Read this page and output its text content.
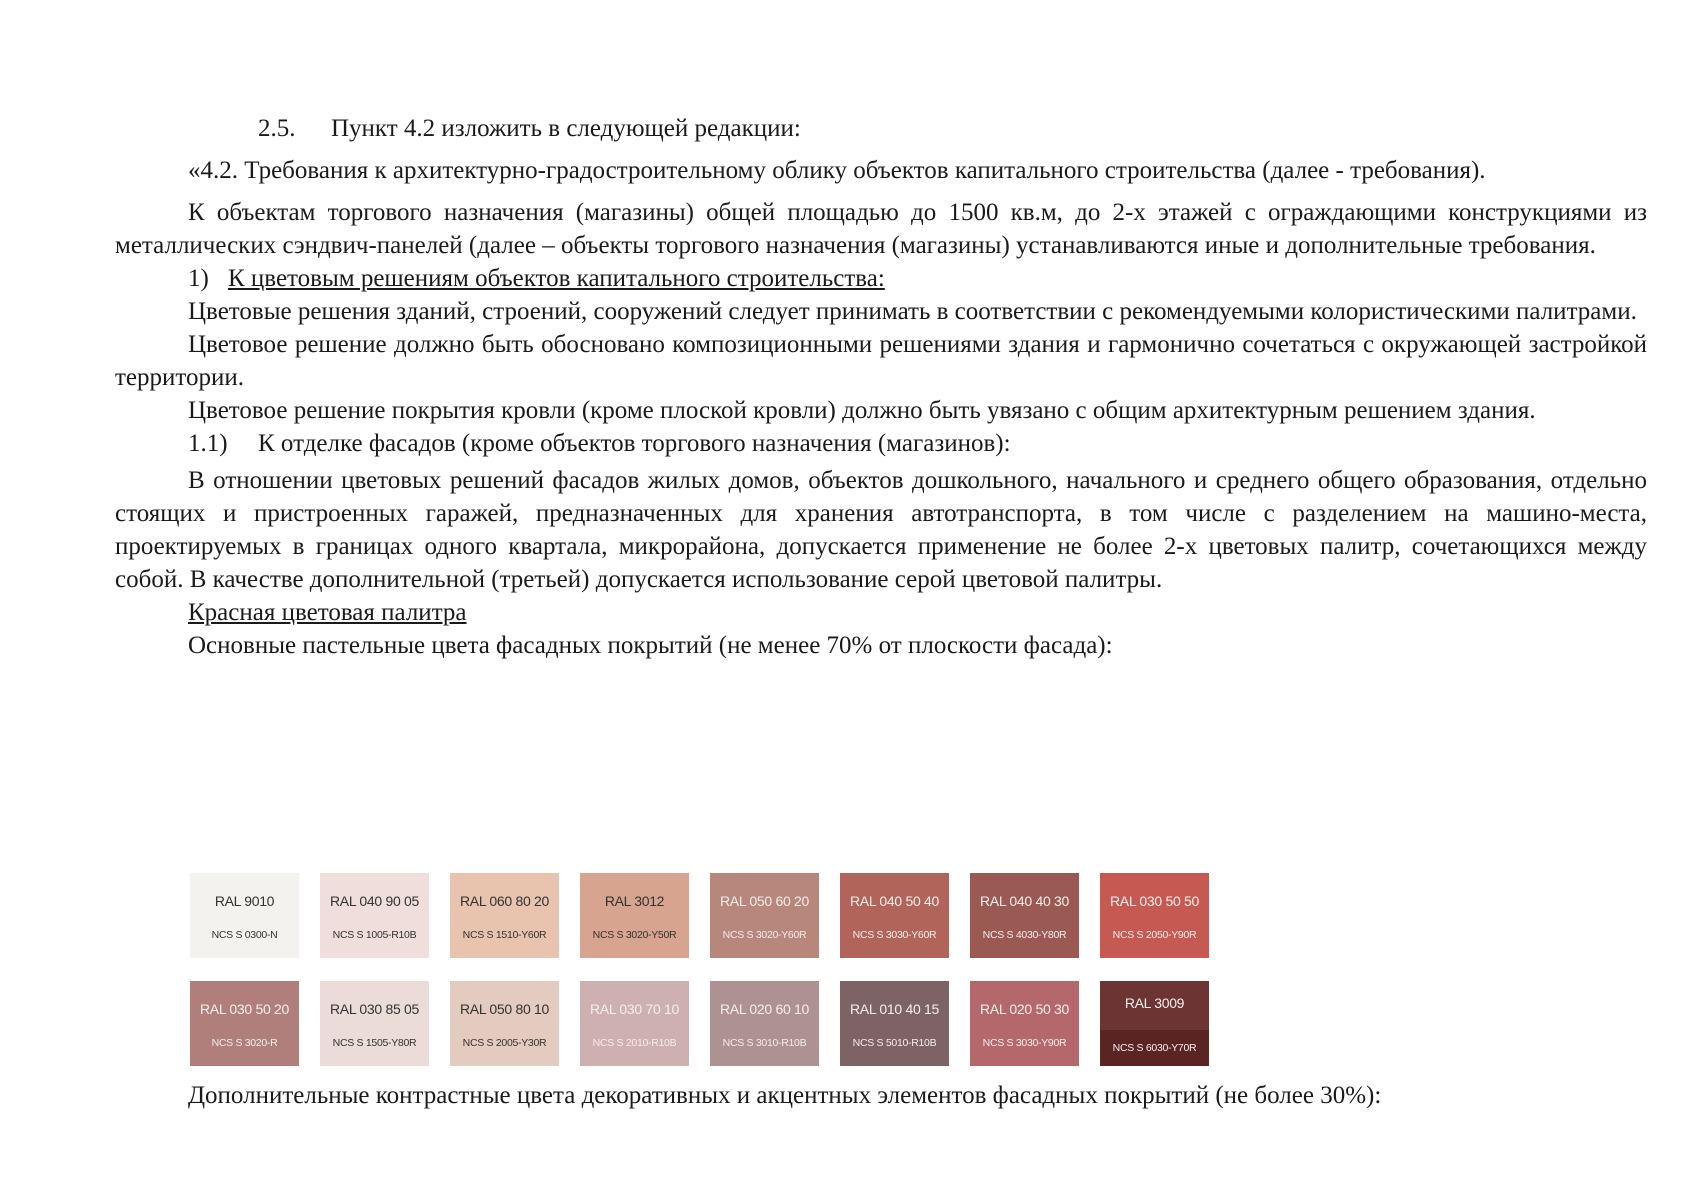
2.5. Пункт 4.2 изложить в следующей редакции:

«4.2. Требования к архитектурно-градостроительному облику объектов капитального строительства (далее - требования).

К объектам торгового назначения (магазины) общей площадью до 1500 кв.м, до 2-х этажей с ограждающими конструкциями из металлических сэндвич-панелей (далее – объекты торгового назначения (магазины) устанавливаются иные и дополнительные требования.

1) К цветовым решениям объектов капитального строительства:

Цветовые решения зданий, строений, сооружений следует принимать в соответствии с рекомендуемыми колористическими палитрами.

Цветовое решение должно быть обосновано композиционными решениями здания и гармонично сочетаться с окружающей застройкой территории.

Цветовое решение покрытия кровли (кроме плоской кровли) должно быть увязано с общим архитектурным решением здания.

1.1) К отделке фасадов (кроме объектов торгового назначения (магазинов):

В отношении цветовых решений фасадов жилых домов, объектов дошкольного, начального и среднего общего образования, отдельно стоящих и пристроенных гаражей, предназначенных для хранения автотранспорта, в том числе с разделением на машино-места, проектируемых в границах одного квартала, микрорайона, допускается применение не более 2-х цветовых палитр, сочетающихся между собой. В качестве дополнительной (третьей) допускается использование серой цветовой палитры.

Красная цветовая палитра

Основные пастельные цвета фасадных покрытий (не менее 70% от плоскости фасада):

RAL 9010
NCS S 0300-N
RAL 040 90 05
NCS S 1005-R10B
RAL 060 80 20
NCS S 1510-Y60R
RAL 3012
NCS S 3020-Y50R
RAL 050 60 20
NCS S 3020-Y60R
RAL 040 50 40
NCS S 3030-Y60R
RAL 040 40 30
NCS S 4030-Y80R
RAL 030 50 50
NCS S 2050-Y90R
RAL 030 50 20
NCS S 3020-R
RAL 030 85 05
NCS S 1505-Y80R
RAL 050 80 10
NCS S 2005-Y30R
RAL 030 70 10
NCS S 2010-R10B
RAL 020 60 10
NCS S 3010-R10B
RAL 010 40 15
NCS S 5010-R10B
RAL 020 50 30
NCS S 3030-Y90R
RAL 3009
NCS S 6030-Y70R
Дополнительные контрастные цвета декоративных и акцентных элементов фасадных покрытий (не более 30%):
